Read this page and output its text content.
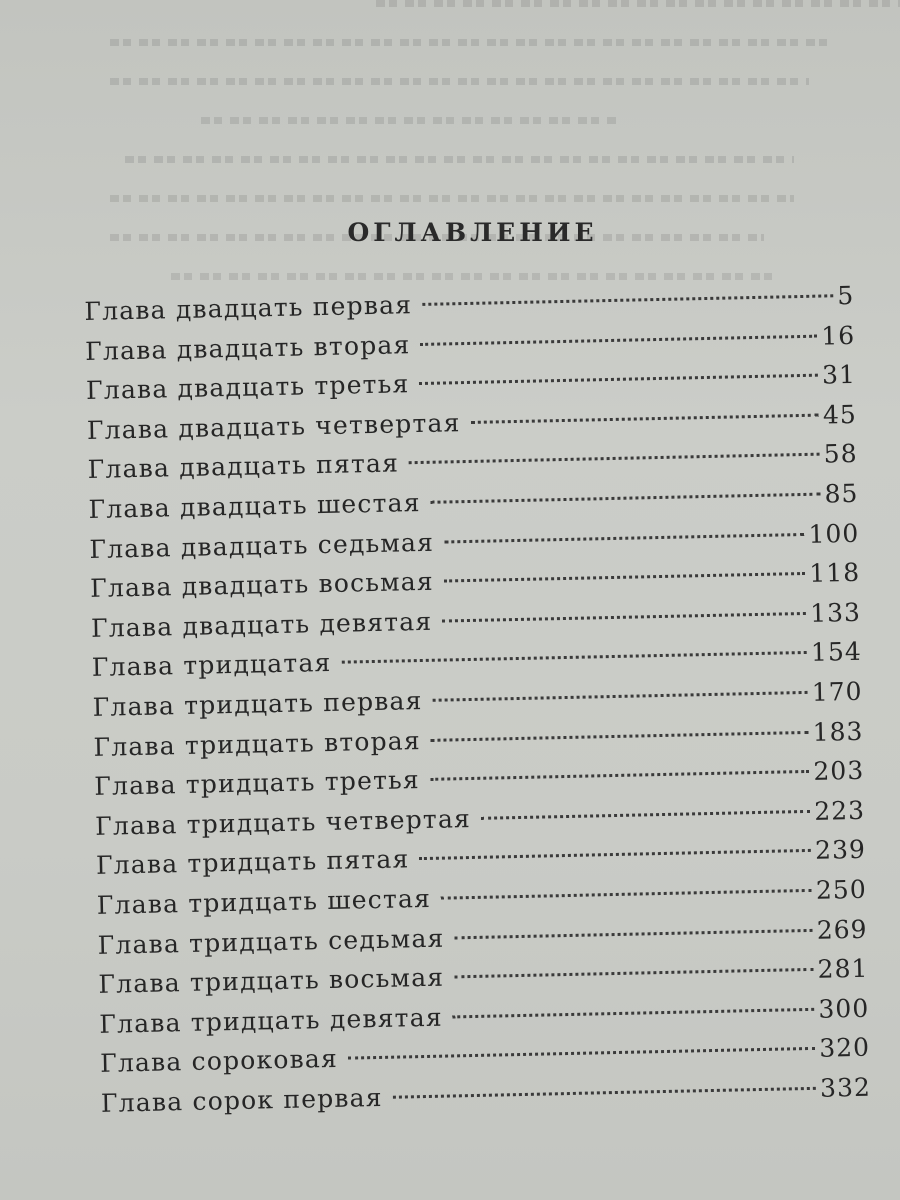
ОГЛАВЛЕНИЕ
Глава двадцать первая	5
Глава двадцать вторая	16
Глава двадцать третья	31
Глава двадцать четвертая	45
Глава двадцать пятая	58
Глава двадцать шестая	85
Глава двадцать седьмая	100
Глава двадцать восьмая	118
Глава двадцать девятая	133
Глава тридцатая	154
Глава тридцать первая	170
Глава тридцать вторая	183
Глава тридцать третья	203
Глава тридцать четвертая	223
Глава тридцать пятая	239
Глава тридцать шестая	250
Глава тридцать седьмая	269
Глава тридцать восьмая	281
Глава тридцать девятая	300
Глава сороковая	320
Глава сорок первая	332
